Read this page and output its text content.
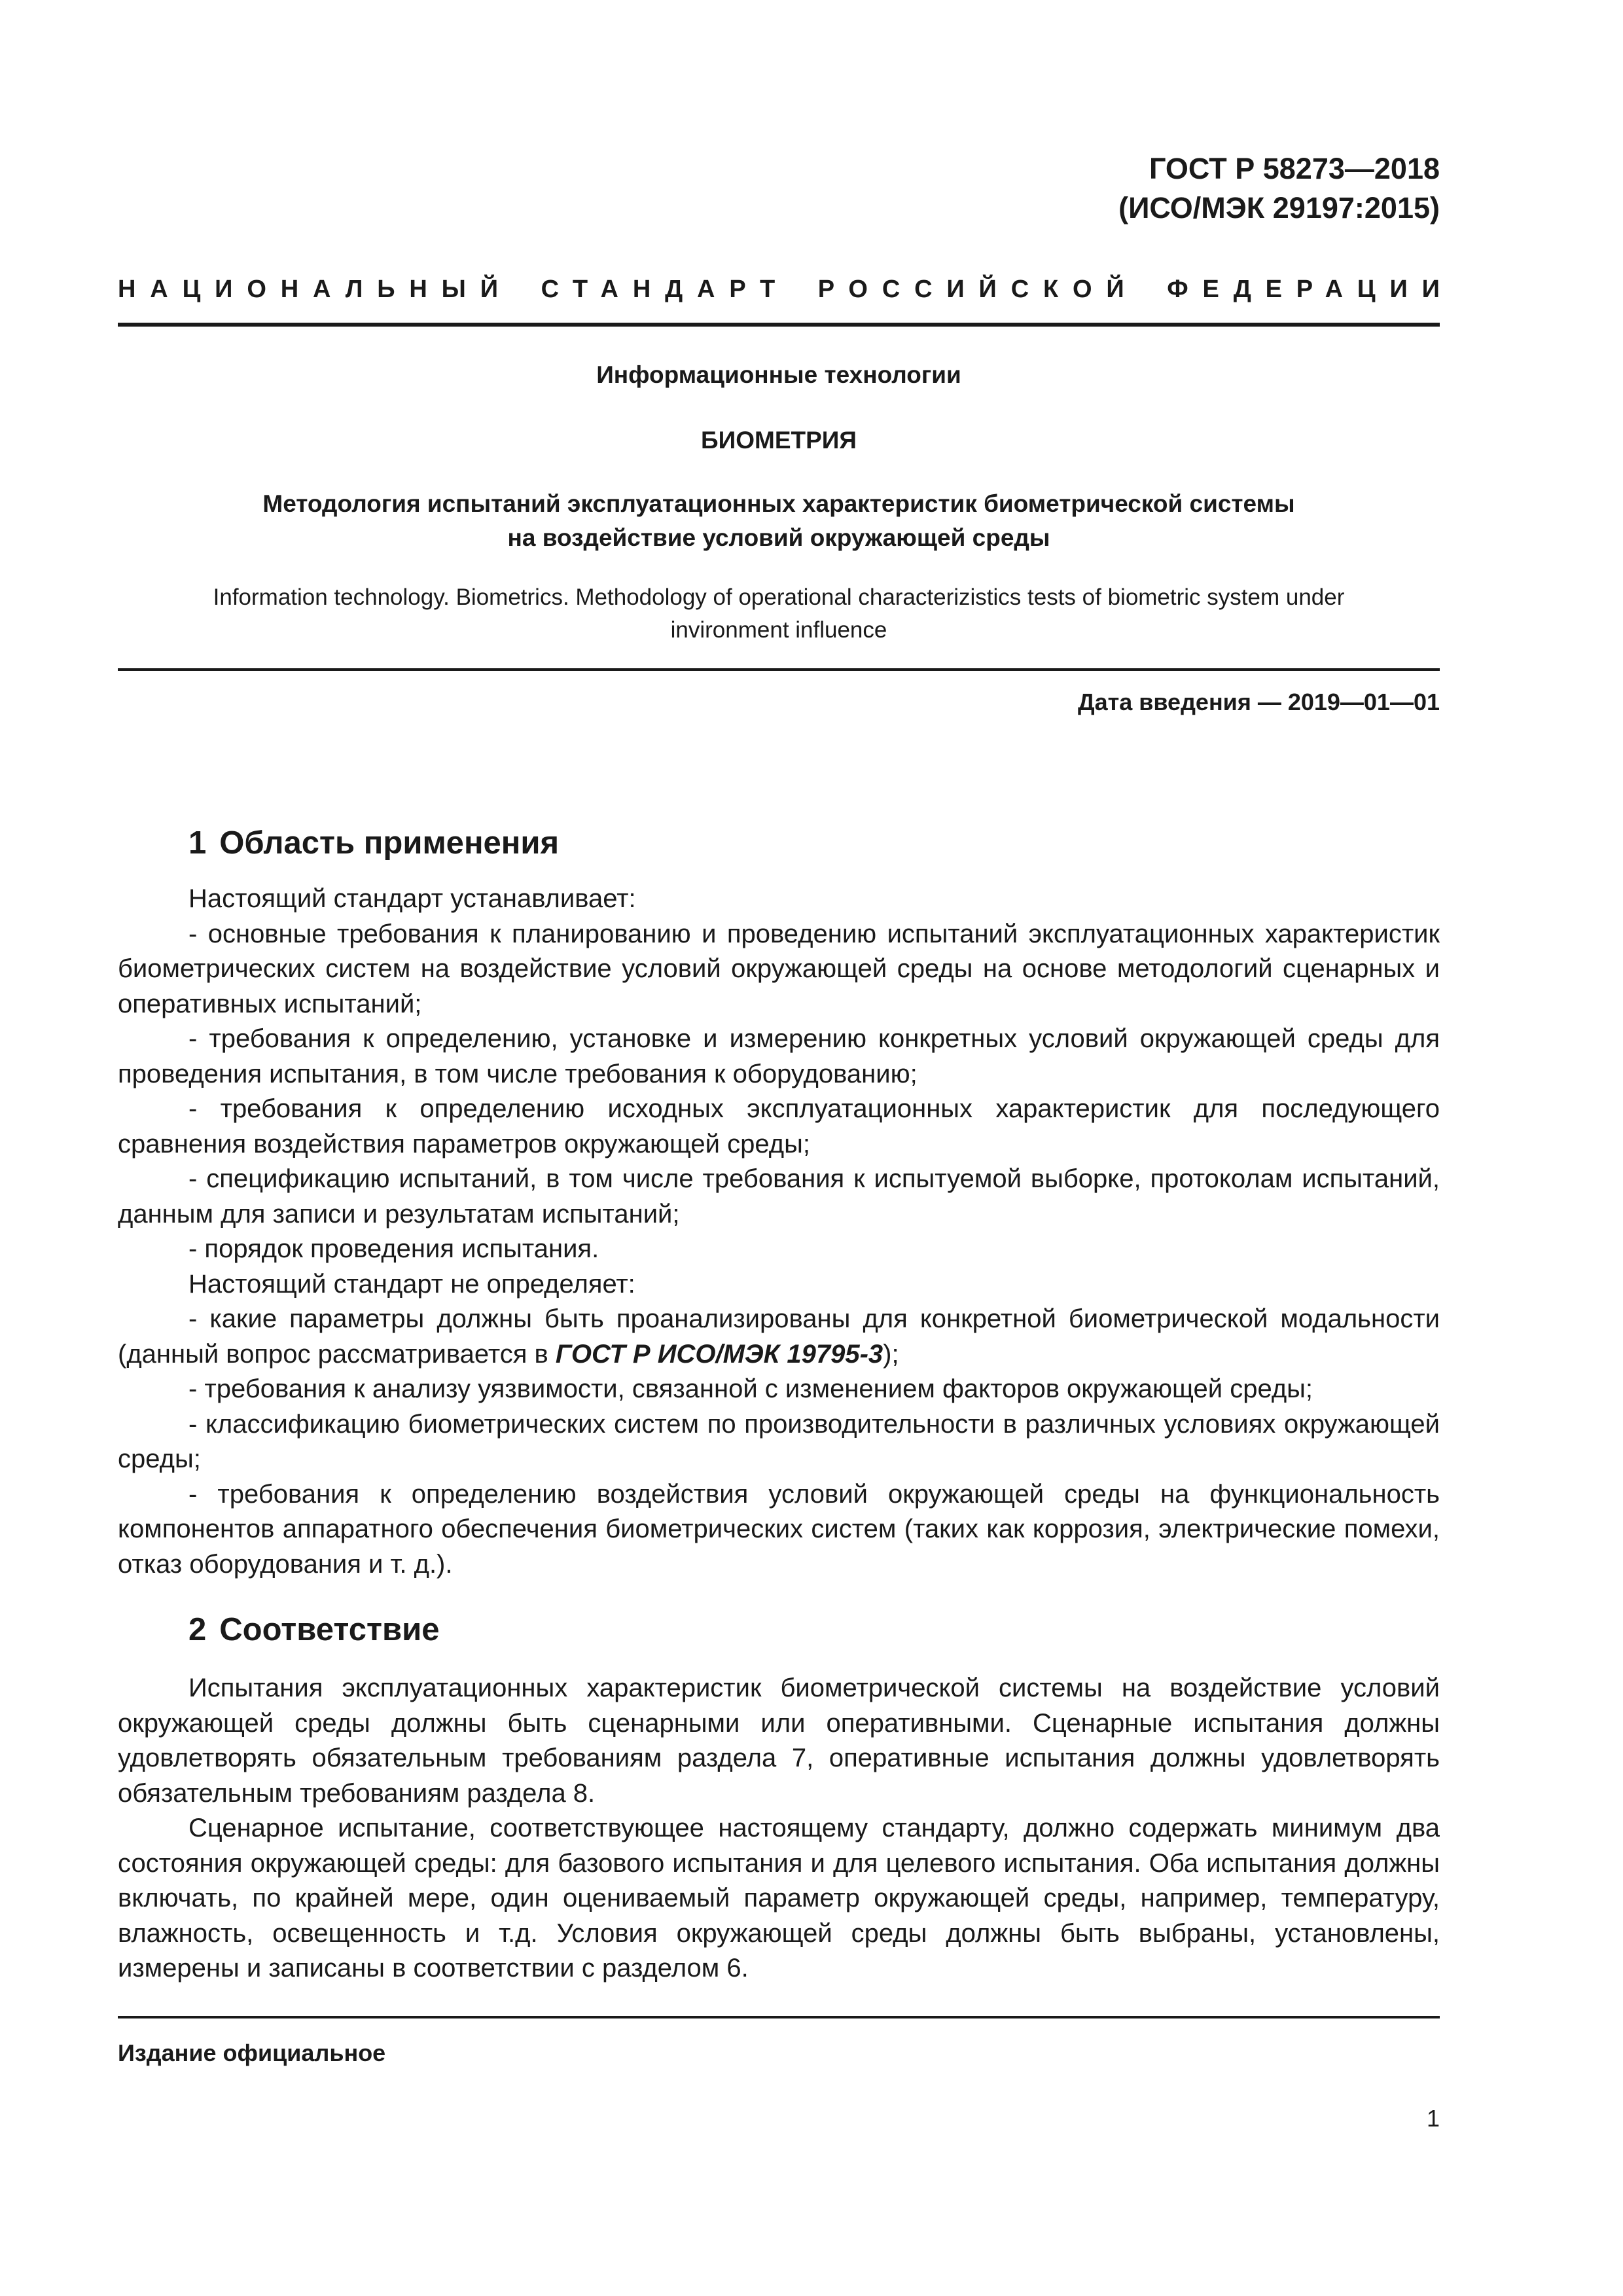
ГОСТ Р 58273—2018
(ИСО/МЭК 29197:2015)
НАЦИОНАЛЬНЫЙ СТАНДАРТ РОССИЙСКОЙ ФЕДЕРАЦИИ
Информационные технологии
БИОМЕТРИЯ
Методология испытаний эксплуатационных характеристик биометрической системы
на воздействие условий окружающей среды
Information technology. Biometrics. Methodology of operational characterizistics tests of biometric system under
invironment influence
Дата введения — 2019—01—01
1 Область применения

Настоящий стандарт устанавливает:

- основные требования к планированию и проведению испытаний эксплуатационных характеристик биометрических систем на воздействие условий окружающей среды на основе методологий сценарных и оперативных испытаний;

- требования к определению, установке и измерению конкретных условий окружающей среды для проведения испытания, в том числе требования к оборудованию;

- требования к определению исходных эксплуатационных характеристик для последующего сравнения воздействия параметров окружающей среды;

- спецификацию испытаний, в том числе требования к испытуемой выборке, протоколам испытаний, данным для записи и результатам испытаний;

- порядок проведения испытания.

Настоящий стандарт не определяет:

- какие параметры должны быть проанализированы для конкретной биометрической модальности (данный вопрос рассматривается в ГОСТ Р ИСО/МЭК 19795-3);

- требования к анализу уязвимости, связанной с изменением факторов окружающей среды;

- классификацию биометрических систем по производительности в различных условиях окружающей среды;

- требования к определению воздействия условий окружающей среды на функциональность компонентов аппаратного обеспечения биометрических систем (таких как коррозия, электрические помехи, отказ оборудования и т. д.).

2 Соответствие

Испытания эксплуатационных характеристик биометрической системы на воздействие условий окружающей среды должны быть сценарными или оперативными. Сценарные испытания должны удовлетворять обязательным требованиям раздела 7, оперативные испытания должны удовлетворять обязательным требованиям раздела 8.

Сценарное испытание, соответствующее настоящему стандарту, должно содержать минимум два состояния окружающей среды: для базового испытания и для целевого испытания. Оба испытания должны включать, по крайней мере, один оцениваемый параметр окружающей среды, например, температуру, влажность, освещенность и т.д. Условия окружающей среды должны быть выбраны, установлены, измерены и записаны в соответствии с разделом 6.

Издание официальное
1
